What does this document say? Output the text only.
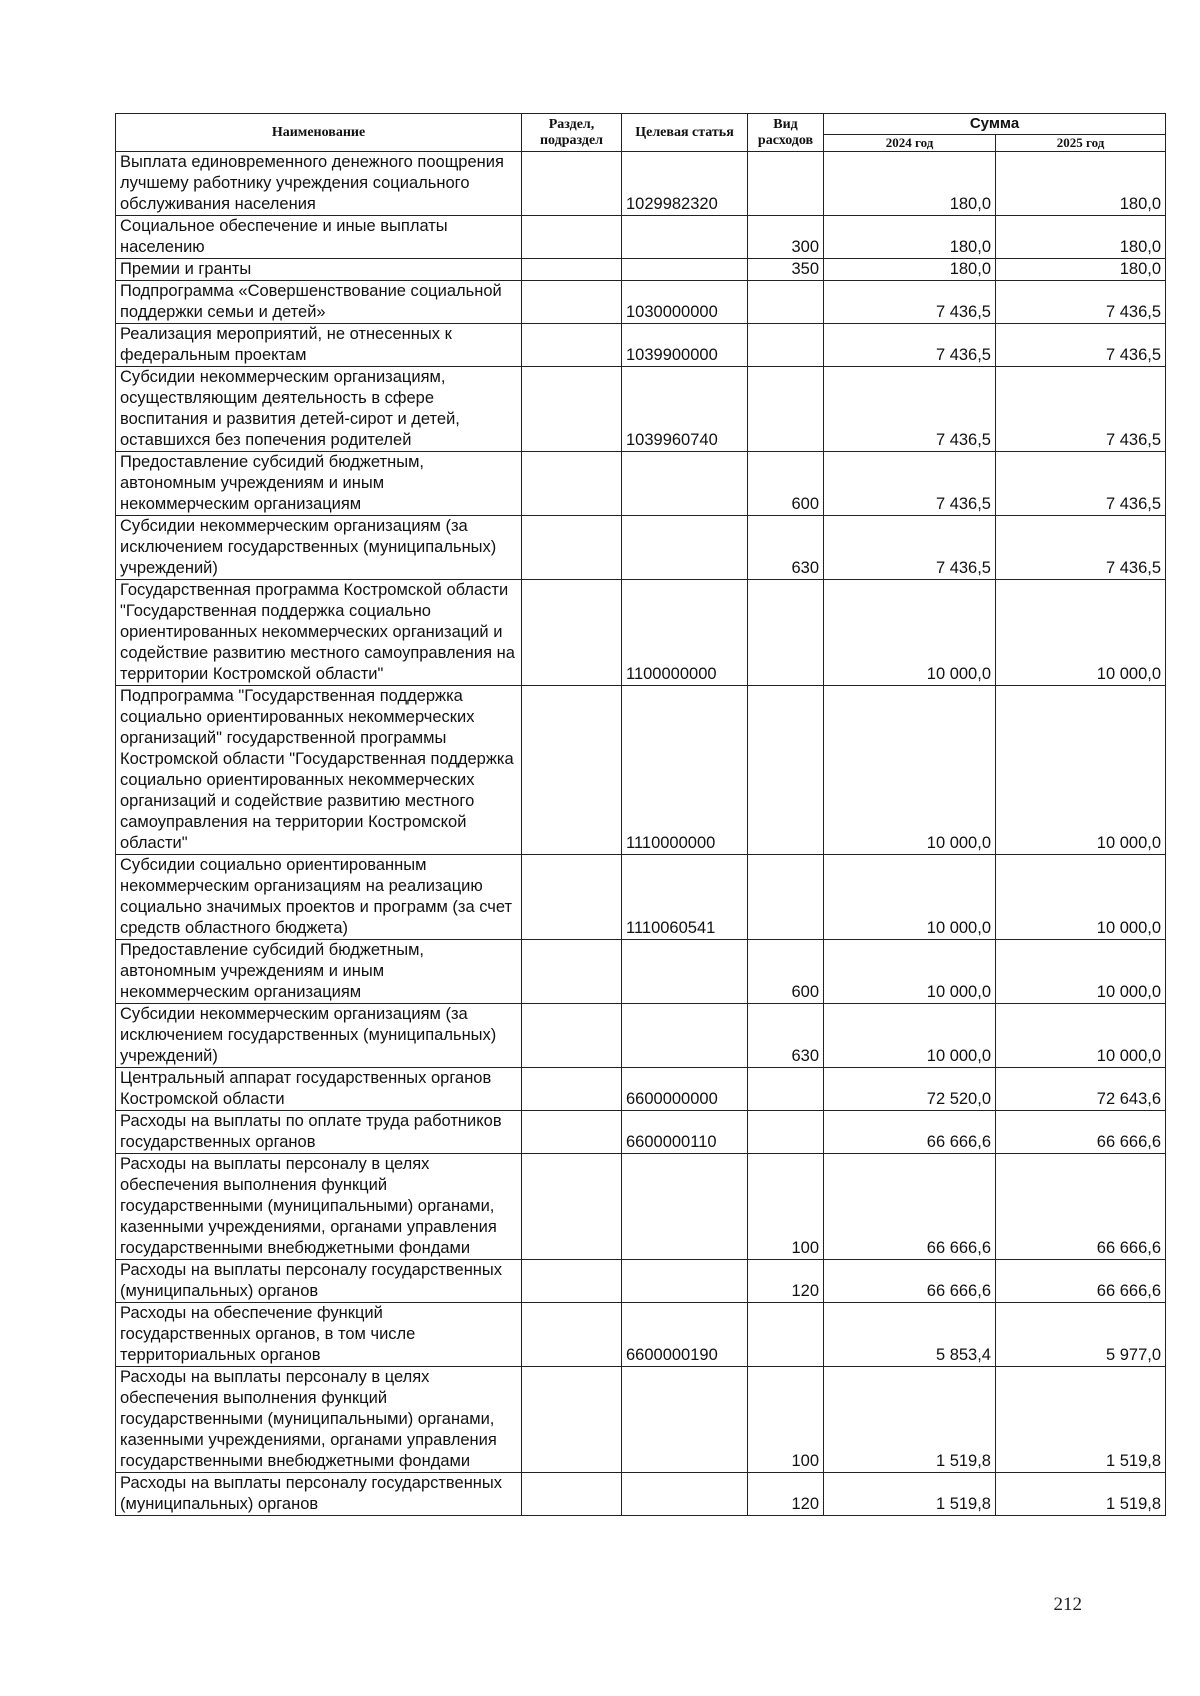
Наименование	Раздел, подраздел	Целевая статья	Вид расходов	Сумма	
				2024 год	2025 год
Выплата единовременного денежного поощрения лучшему работнику учреждения социального обслуживания населения		1029982320		180,0	180,0
Социальное обеспечение и иные выплаты населению			300	180,0	180,0
Премии и гранты			350	180,0	180,0
Подпрограмма «Совершенствование социальной поддержки семьи и детей»		1030000000		7 436,5	7 436,5
Реализация мероприятий, не отнесенных к федеральным проектам		1039900000		7 436,5	7 436,5
Субсидии некоммерческим организациям, осуществляющим деятельность в сфере воспитания и развития детей-сирот и детей, оставшихся без попечения родителей		1039960740		7 436,5	7 436,5
Предоставление субсидий бюджетным, автономным учреждениям и иным некоммерческим организациям			600	7 436,5	7 436,5
Субсидии некоммерческим организациям (за исключением государственных (муниципальных) учреждений)			630	7 436,5	7 436,5
Государственная программа Костромской области "Государственная поддержка социально ориентированных некоммерческих организаций и содействие развитию местного самоуправления на территории Костромской области"		1100000000		10 000,0	10 000,0
Подпрограмма "Государственная поддержка социально ориентированных некоммерческих организаций" государственной программы Костромской области "Государственная поддержка социально ориентированных некоммерческих организаций и содействие развитию местного самоуправления на территории Костромской области"		1110000000		10 000,0	10 000,0
Субсидии социально ориентированным некоммерческим организациям на реализацию социально значимых проектов и программ (за счет средств областного бюджета)		1110060541		10 000,0	10 000,0
Предоставление субсидий бюджетным, автономным учреждениям и иным некоммерческим организациям			600	10 000,0	10 000,0
Субсидии некоммерческим организациям (за исключением государственных (муниципальных) учреждений)			630	10 000,0	10 000,0
Центральный аппарат государственных органов Костромской области		6600000000		72 520,0	72 643,6
Расходы на выплаты по оплате труда работников государственных органов		6600000110		66 666,6	66 666,6
Расходы на выплаты персоналу в целях обеспечения выполнения функций государственными (муниципальными) органами, казенными учреждениями, органами управления государственными внебюджетными фондами			100	66 666,6	66 666,6
Расходы на выплаты персоналу государственных (муниципальных) органов			120	66 666,6	66 666,6
Расходы на обеспечение функций государственных органов, в том числе территориальных органов		6600000190		5 853,4	5 977,0
Расходы на выплаты персоналу в целях обеспечения выполнения функций государственными (муниципальными) органами, казенными учреждениями, органами управления государственными внебюджетными фондами			100	1 519,8	1 519,8
Расходы на выплаты персоналу государственных (муниципальных) органов			120	1 519,8	1 519,8
212
